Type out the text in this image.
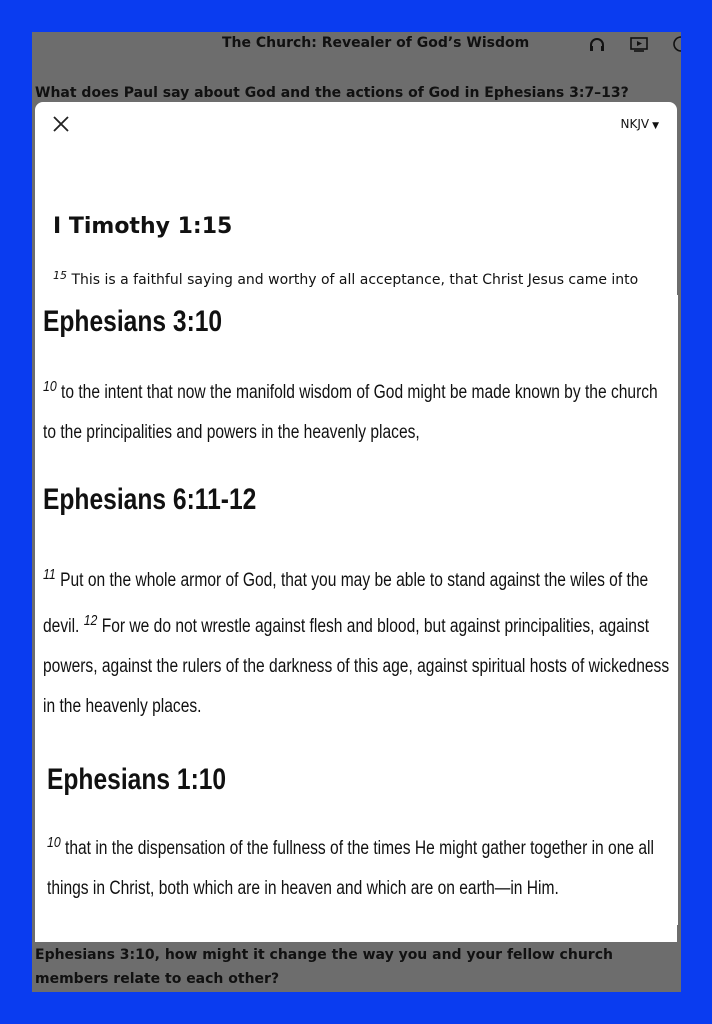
The Church: Revealer of God’s Wisdom
What does Paul say about God and the actions of God in Ephesians 3:7–13?
NKJV ▼
I Timothy 1:15
$^{15}$ This is a faithful saying and worthy of all acceptance, that Christ Jesus came into
Ephesians 3:10
$^{10}$ to the intent that now the manifold wisdom of God might be made known by the church to the principalities and powers in the heavenly places,
Ephesians 6:11-12
$^{11}$ Put on the whole armor of God, that you may be able to stand against the wiles of the devil. $^{12}$ For we do not wrestle against flesh and blood, but against principalities, against powers, against the rulers of the darkness of this age, against spiritual hosts of wickedness in the heavenly places.
Ephesians 1:10
$^{10}$ that in the dispensation of the fullness of the times He might gather together in one all things in Christ, both which are in heaven and which are on earth—in Him.
Ephesians 3:10, how might it change the way you and your fellow church members relate to each other?
